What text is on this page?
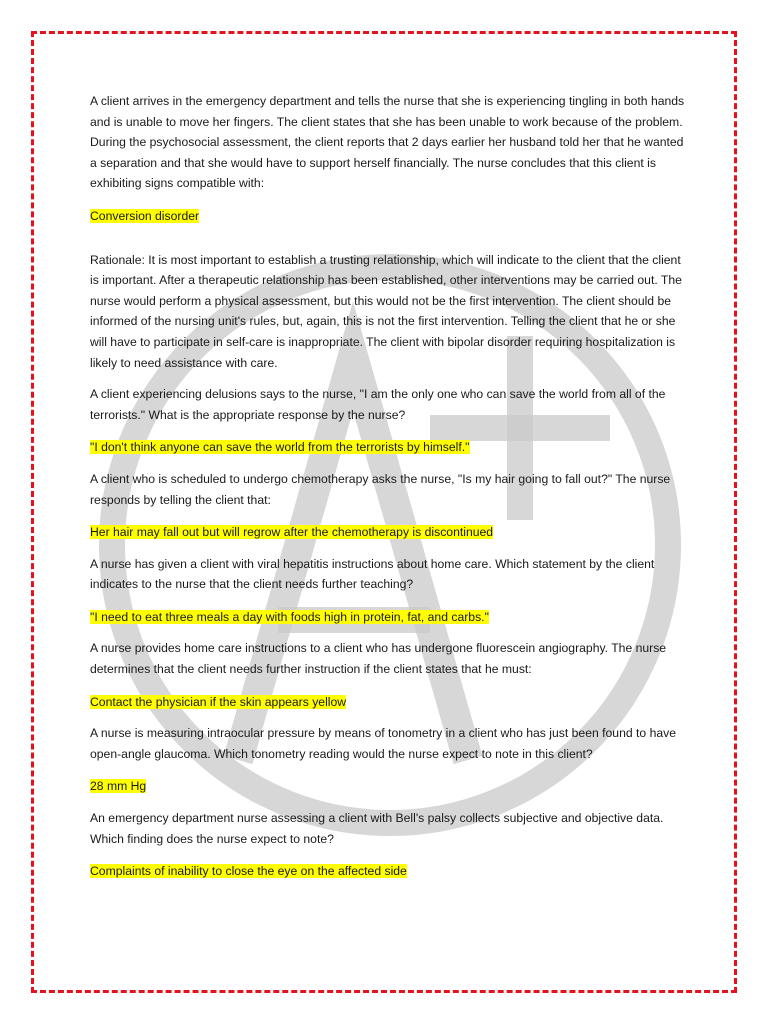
A client arrives in the emergency department and tells the nurse that she is experiencing tingling in both hands and is unable to move her fingers. The client states that she has been unable to work because of the problem. During the psychosocial assessment, the client reports that 2 days earlier her husband told her that he wanted a separation and that she would have to support herself financially. The nurse concludes that this client is exhibiting signs compatible with:

Conversion disorder

Rationale: It is most important to establish a trusting relationship, which will indicate to the client that the client is important. After a therapeutic relationship has been established, other interventions may be carried out. The nurse would perform a physical assessment, but this would not be the first intervention. The client should be informed of the nursing unit's rules, but, again, this is not the first intervention. Telling the client that he or she will have to participate in self-care is inappropriate. The client with bipolar disorder requiring hospitalization is likely to need assistance with care.

A client experiencing delusions says to the nurse, "I am the only one who can save the world from all of the terrorists." What is the appropriate response by the nurse?

"I don't think anyone can save the world from the terrorists by himself."

A client who is scheduled to undergo chemotherapy asks the nurse, "Is my hair going to fall out?" The nurse responds by telling the client that:

Her hair may fall out but will regrow after the chemotherapy is discontinued

A nurse has given a client with viral hepatitis instructions about home care. Which statement by the client indicates to the nurse that the client needs further teaching?

"I need to eat three meals a day with foods high in protein, fat, and carbs."

A nurse provides home care instructions to a client who has undergone fluorescein angiography. The nurse determines that the client needs further instruction if the client states that he must:

Contact the physician if the skin appears yellow

A nurse is measuring intraocular pressure by means of tonometry in a client who has just been found to have open-angle glaucoma. Which tonometry reading would the nurse expect to note in this client?

28 mm Hg

An emergency department nurse assessing a client with Bell's palsy collects subjective and objective data. Which finding does the nurse expect to note?

Complaints of inability to close the eye on the affected side
